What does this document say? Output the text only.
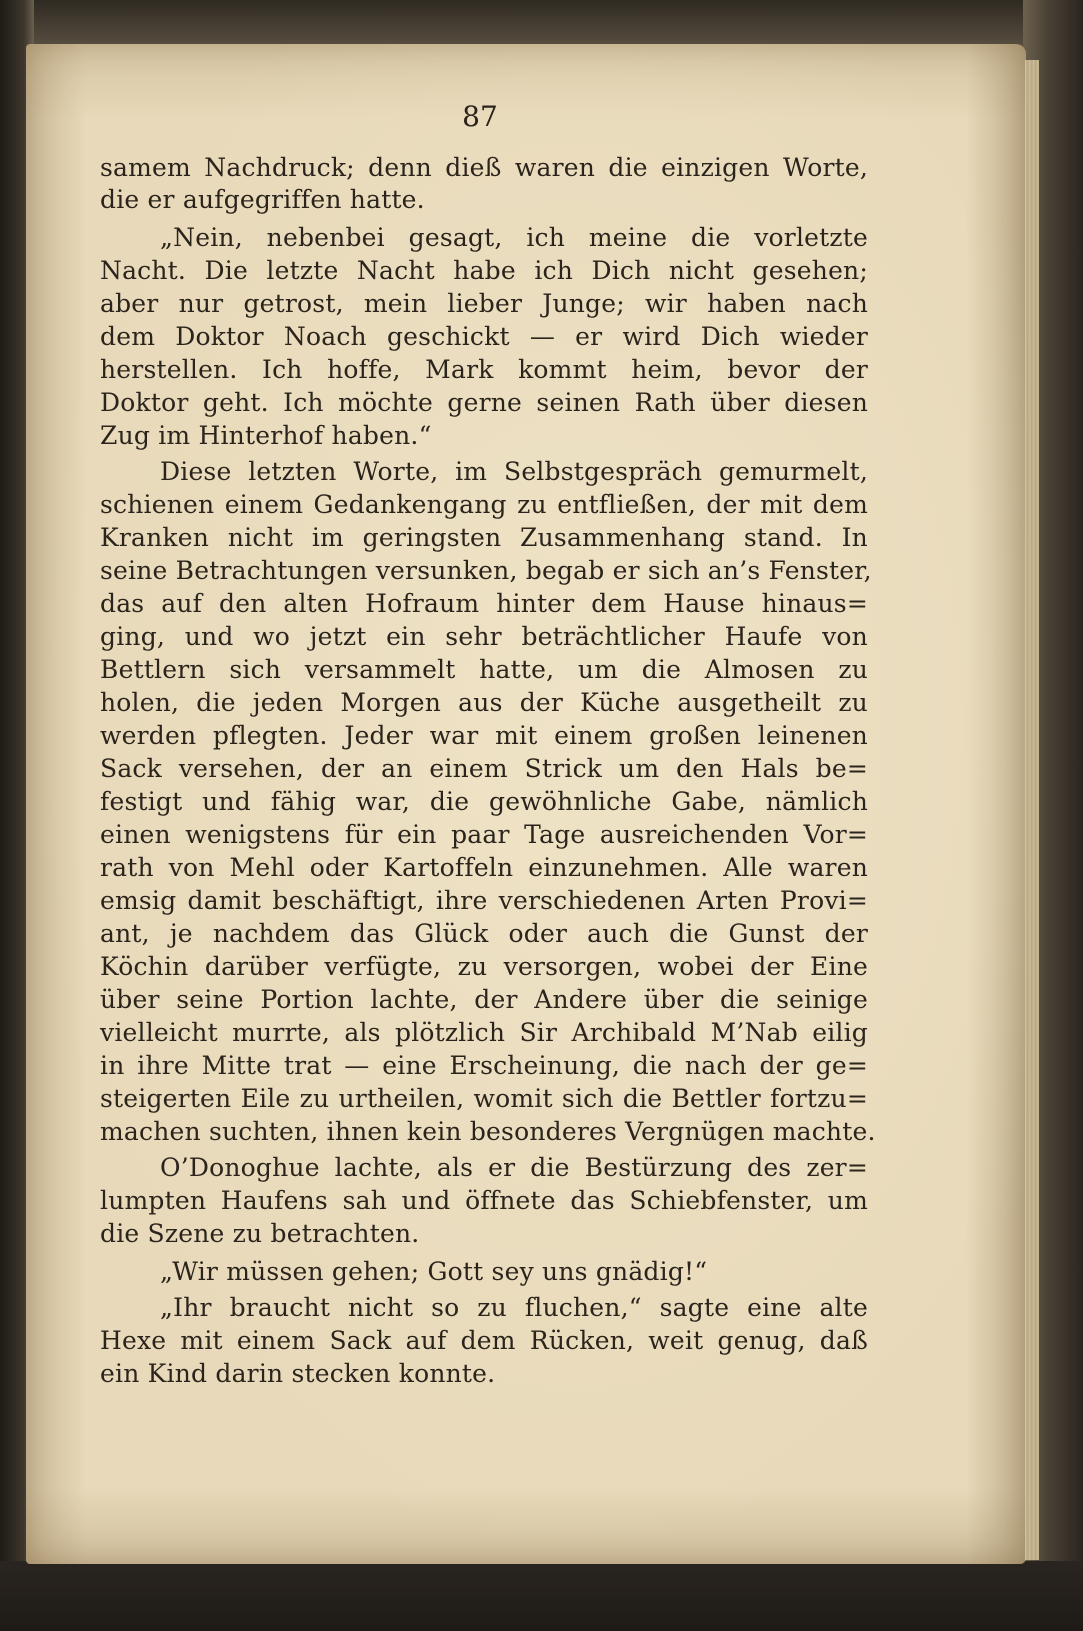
87
samem Nachdruck; denn dieß waren die einzigen Worte,
die er aufgegriffen hatte.
„Nein, nebenbei gesagt, ich meine die vorletzte
Nacht. Die letzte Nacht habe ich Dich nicht gesehen;
aber nur getrost, mein lieber Junge; wir haben nach
dem Doktor Noach geschickt — er wird Dich wieder
herstellen. Ich hoffe, Mark kommt heim, bevor der
Doktor geht. Ich möchte gerne seinen Rath über diesen
Zug im Hinterhof haben.“
Diese letzten Worte, im Selbstgespräch gemurmelt,
schienen einem Gedankengang zu entfließen, der mit dem
Kranken nicht im geringsten Zusammenhang stand. In
seine Betrachtungen versunken, begab er sich an’s Fenster,
das auf den alten Hofraum hinter dem Hause hinaus=
ging, und wo jetzt ein sehr beträchtlicher Haufe von
Bettlern sich versammelt hatte, um die Almosen zu
holen, die jeden Morgen aus der Küche ausgetheilt zu
werden pflegten. Jeder war mit einem großen leinenen
Sack versehen, der an einem Strick um den Hals be=
festigt und fähig war, die gewöhnliche Gabe, nämlich
einen wenigstens für ein paar Tage ausreichenden Vor=
rath von Mehl oder Kartoffeln einzunehmen. Alle waren
emsig damit beschäftigt, ihre verschiedenen Arten Provi=
ant, je nachdem das Glück oder auch die Gunst der
Köchin darüber verfügte, zu versorgen, wobei der Eine
über seine Portion lachte, der Andere über die seinige
vielleicht murrte, als plötzlich Sir Archibald M’Nab eilig
in ihre Mitte trat — eine Erscheinung, die nach der ge=
steigerten Eile zu urtheilen, womit sich die Bettler fortzu=
machen suchten, ihnen kein besonderes Vergnügen machte.
O’Donoghue lachte, als er die Bestürzung des zer=
lumpten Haufens sah und öffnete das Schiebfenster, um
die Szene zu betrachten.
„Wir müssen gehen; Gott sey uns gnädig!“
„Ihr braucht nicht so zu fluchen,“ sagte eine alte
Hexe mit einem Sack auf dem Rücken, weit genug, daß
ein Kind darin stecken konnte.
